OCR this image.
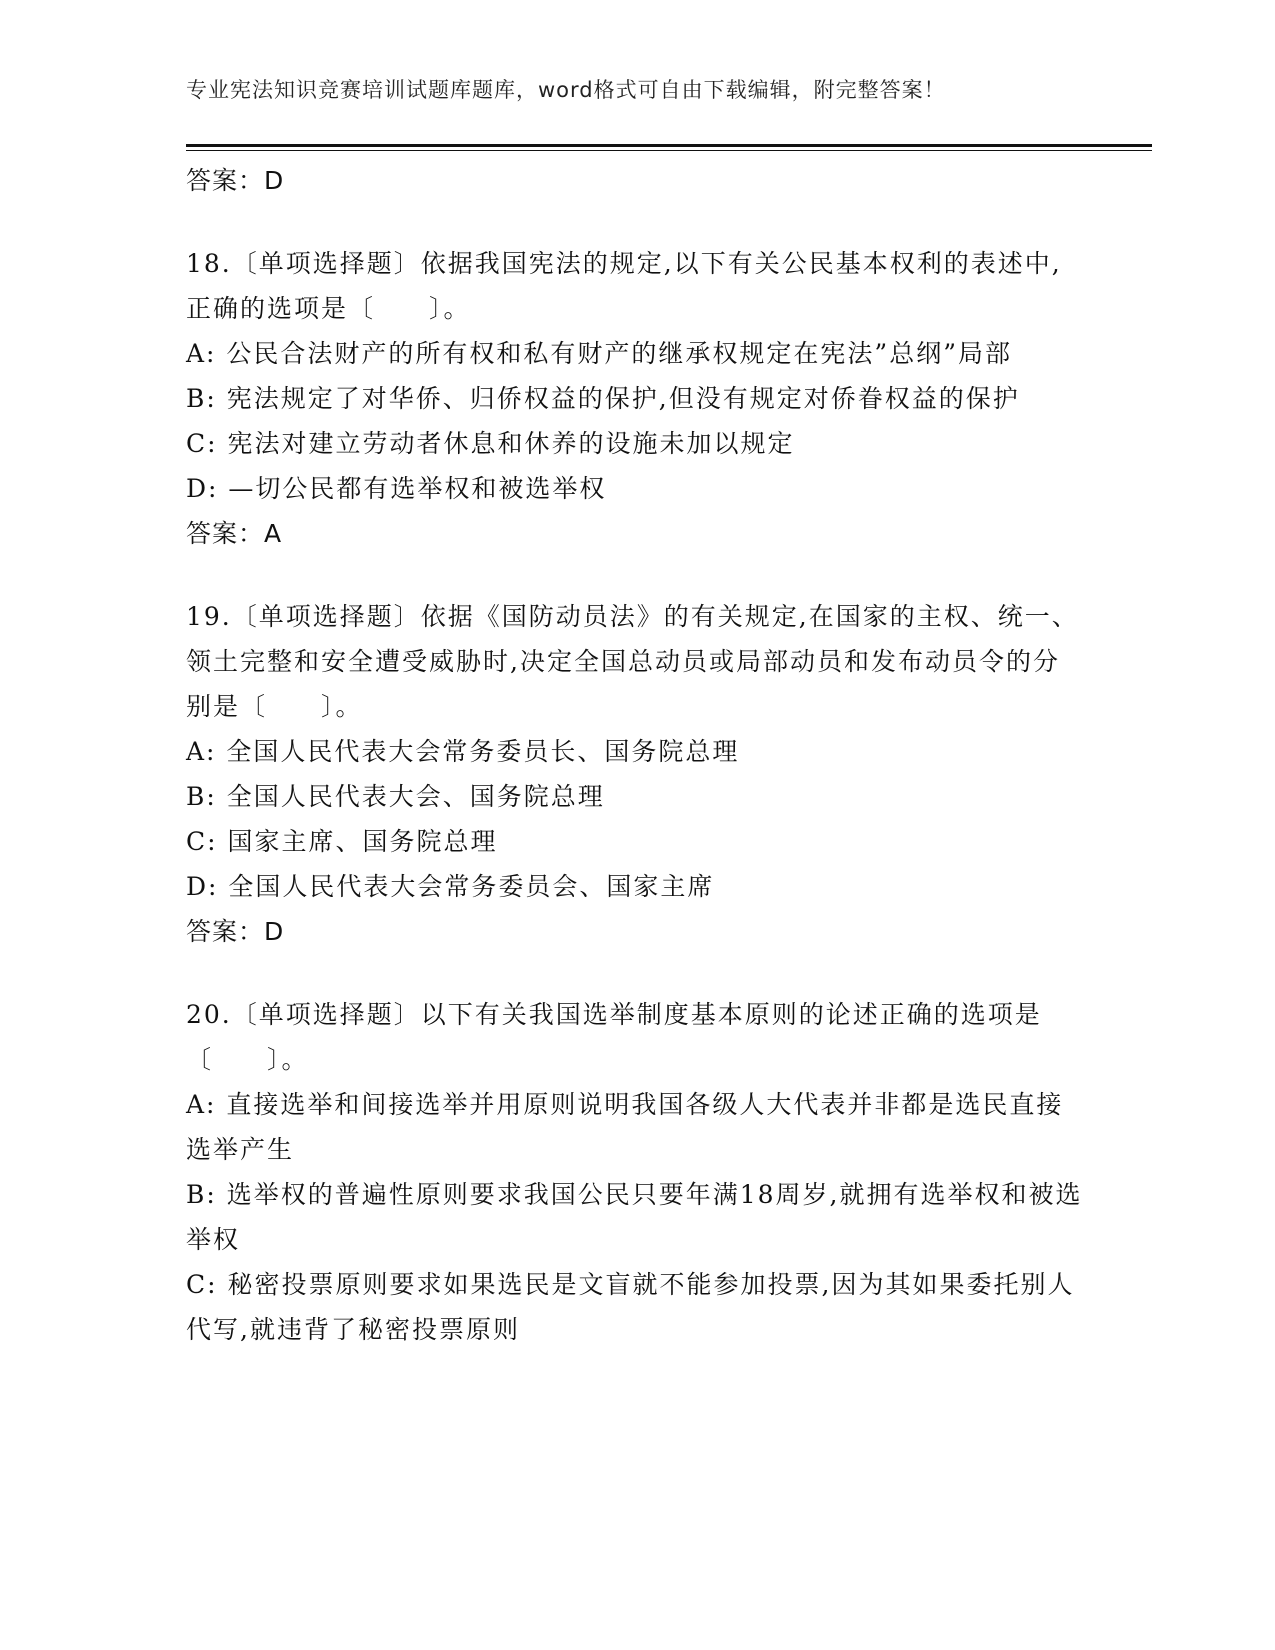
专业宪法知识竞赛培训试题库题库，word格式可自由下载编辑，附完整答案！
答案：D

18.〔单项选择题〕依据我国宪法的规定,以下有关公民基本权利的表述中,正确的选项是〔　　〕。

A: 公民合法财产的所有权和私有财产的继承权规定在宪法”总纲”局部

B: 宪法规定了对华侨、归侨权益的保护,但没有规定对侨眷权益的保护

C: 宪法对建立劳动者休息和休养的设施未加以规定

D: —切公民都有选举权和被选举权

答案：A

19.〔单项选择题〕依据《国防动员法》的有关规定,在国家的主权、统一、领土完整和安全遭受威胁时,决定全国总动员或局部动员和发布动员令的分别是〔　　〕。

A: 全国人民代表大会常务委员长、国务院总理

B: 全国人民代表大会、国务院总理

C: 国家主席、国务院总理

D: 全国人民代表大会常务委员会、国家主席

答案：D

20.〔单项选择题〕以下有关我国选举制度基本原则的论述正确的选项是〔　　〕。

A: 直接选举和间接选举并用原则说明我国各级人大代表并非都是选民直接选举产生

B: 选举权的普遍性原则要求我国公民只要年满18周岁,就拥有选举权和被选举权

C: 秘密投票原则要求如果选民是文盲就不能参加投票,因为其如果委托别人代写,就违背了秘密投票原则
